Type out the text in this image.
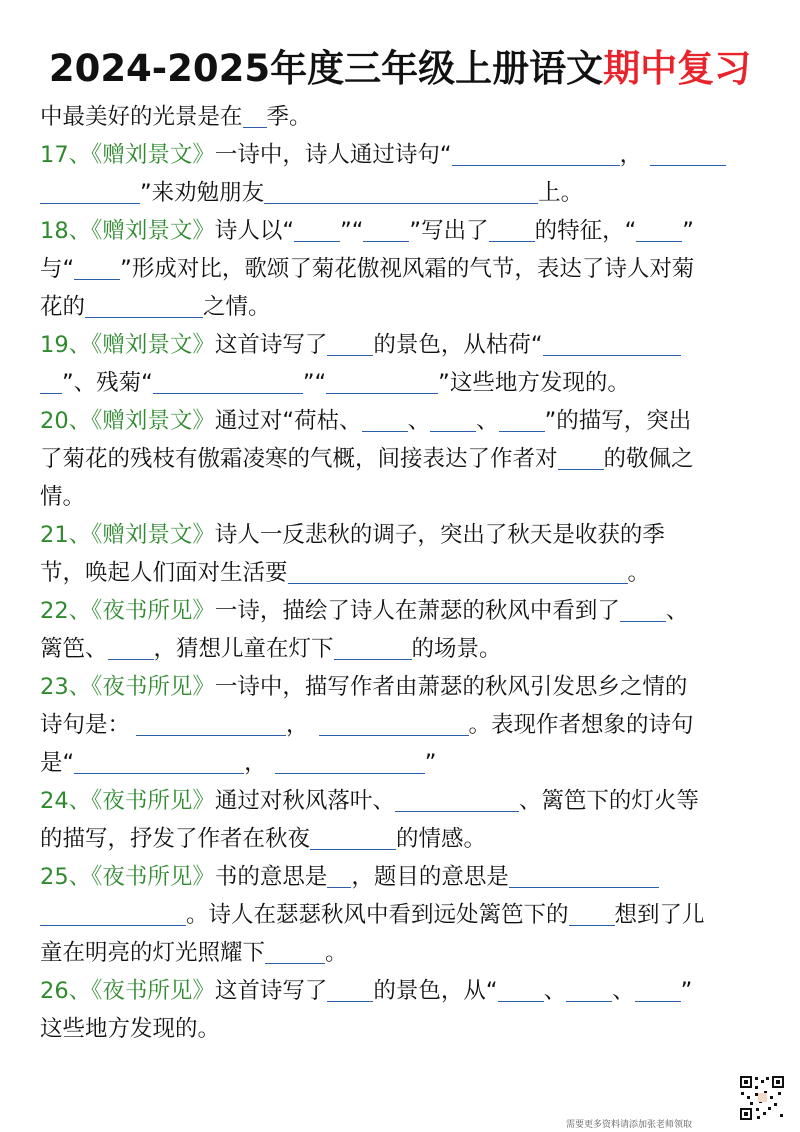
2024-2025年度三年级上册语文期中复习
中最美好的光景是在 季。
17、《赠刘景文》一诗中，诗人通过诗句“	，
”来劝勉朋友	上。
18、《赠刘景文》诗人以“ ”“ ”写出了 的特征，“ ”
与“ ”形成对比，歌颂了菊花傲视风霜的气节，表达了诗人对菊
花的	之情。
19、《赠刘景文》这首诗写了 的景色，从枯荷“
”、残菊“	”“	”这些地方发现的。
20、《赠刘景文》通过对“荷枯、 、 、 ”的描写，突出
了菊花的残枝有傲霜凌寒的气概，间接表达了作者对 的敬佩之
情。
21、《赠刘景文》诗人一反悲秋的调子，突出了秋天是收获的季
节，唤起人们面对生活要	。
22、《夜书所见》一诗，描绘了诗人在萧瑟的秋风中看到了 、
篱笆、 ，猜想儿童在灯下	的场景。
23、《夜书所见》一诗中，描写作者由萧瑟的秋风引发思乡之情的
诗句是：	，	。表现作者想象的诗句
是“	，	”
24、《夜书所见》通过对秋风落叶、	、篱笆下的灯火等
的描写，抒发了作者在秋夜	的情感。
25、《夜书所见》书的意思是 ，题目的意思是
。诗人在瑟瑟秋风中看到远处篱笆下的 想到了儿
童在明亮的灯光照耀下	。
26、《夜书所见》这首诗写了 的景色，从“ 、 、 ”
这些地方发现的。
需要更多资料请添加张老师领取
